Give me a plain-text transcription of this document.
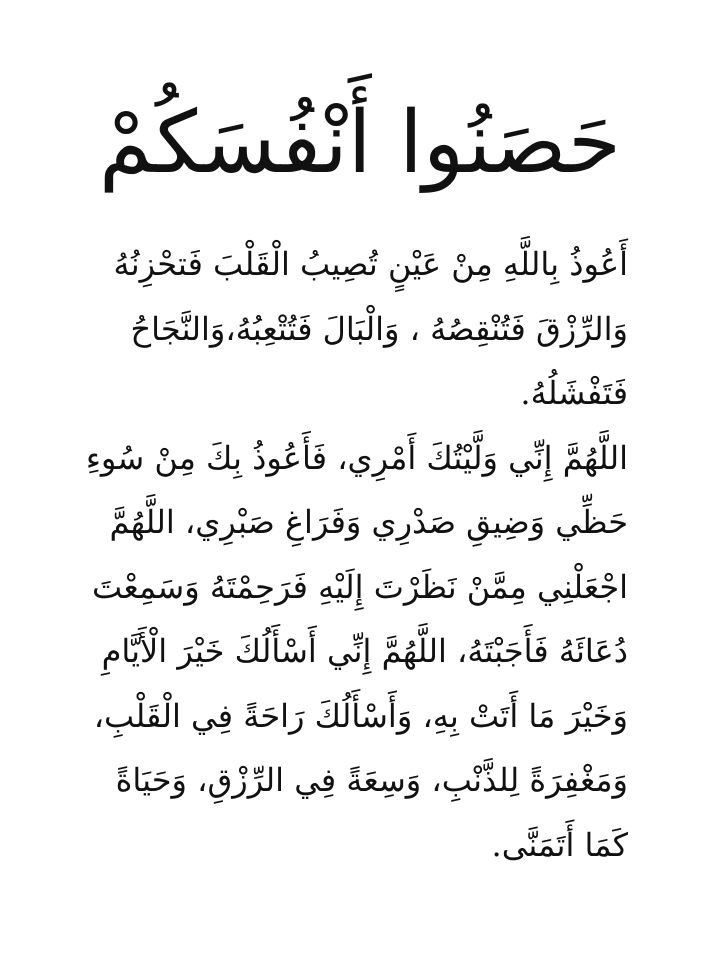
حَصَنُوا أَنْفُسَكُمْ

أَعُوذُ بِاللَّهِ مِنْ عَيْنٍ تُصِيبُ الْقَلْبَ فَتحْزِنُهُ وَالرِّزْقَ فَتُنْقِصُهُ ، وَالْبَالَ فَتُتْعِبُهُ،وَالنَّجَاحُ فَتَفْشَلُهُ.

اللَّهُمَّ إِنِّي وَلَّيْتُكَ أَمْرِي، فَأَعُوذُ بِكَ مِنْ سُوءِ حَظِّي وَضِيقِ صَدْرِي وَفَرَاغِ صَبْرِي، اللَّهُمَّ اجْعَلْنِي مِمَّنْ نَظَرْتَ إِلَيْهِ فَرَحِمْتَهُ وَسَمِعْتَ دُعَائَهُ فَأَجَبْتَهُ، اللَّهُمَّ إِنِّي أَسْأَلُكَ خَيْرَ الْأَيَّامِ وَخَيْرَ مَا أَتَتْ بِهِ، وَأَسْأَلُكَ رَاحَةً فِي الْقَلْبِ، وَمَغْفِرَةً لِلذَّنْبِ، وَسِعَةً فِي الرِّزْقِ، وَحَيَاةً كَمَا أَتَمَنَّى.
